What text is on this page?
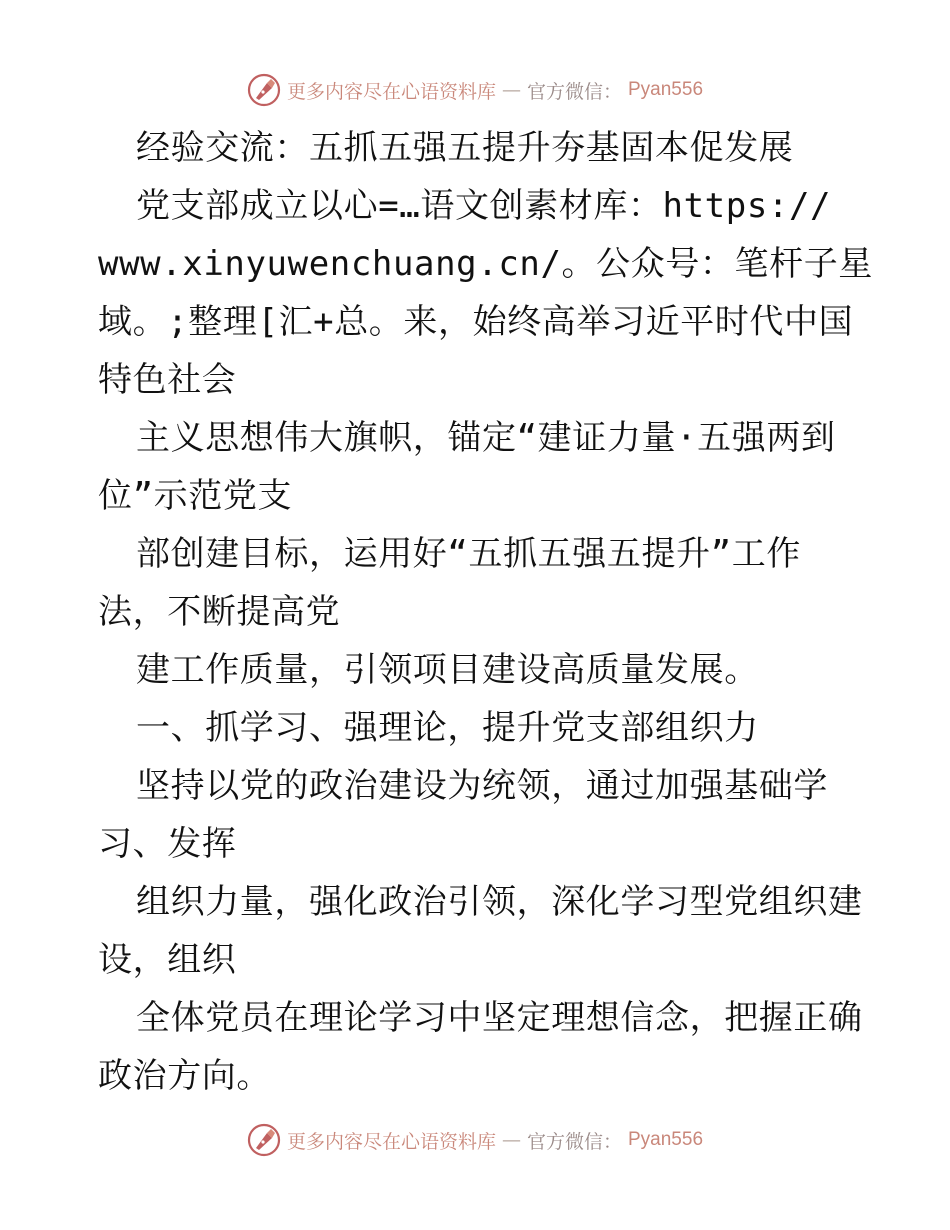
更多内容尽在心语资料库 — 官方微信： Pyan556
经验交流：五抓五强五提升夯基固本促发展
党支部成立以心=…语文创素材库：https://
www.xinyuwenchuang.cn/。公众号：笔杆子星
域。;整理[汇+总。来，始终高举习近平时代中国
特色社会
主义思想伟大旗帜，锚定“建证力量·五强两到
位”示范党支
部创建目标，运用好“五抓五强五提升”工作
法，不断提高党
建工作质量，引领项目建设高质量发展。
一、抓学习、强理论，提升党支部组织力
坚持以党的政治建设为统领，通过加强基础学
习、发挥
组织力量，强化政治引领，深化学习型党组织建
设，组织
全体党员在理论学习中坚定理想信念，把握正确
政治方向。
更多内容尽在心语资料库 — 官方微信： Pyan556
